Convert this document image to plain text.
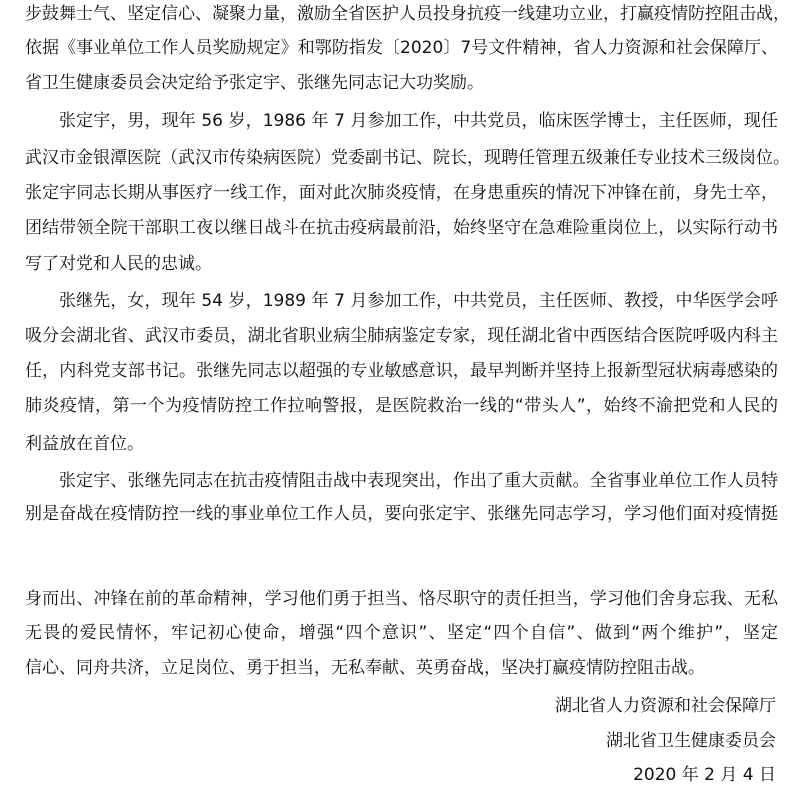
步鼓舞士气、坚定信心、凝聚力量，激励全省医护人员投身抗疫一线建功立业，打赢疫情防控阻击战，
依据《事业单位工作人员奖励规定》和鄂防指发〔2020〕7号文件精神，省人力资源和社会保障厅、
省卫生健康委员会决定给予张定宇、张继先同志记大功奖励。
张定宇，男，现年 56 岁，1986 年 7 月参加工作，中共党员，临床医学博士，主任医师，现任
武汉市金银潭医院（武汉市传染病医院）党委副书记、院长，现聘任管理五级兼任专业技术三级岗位。
张定宇同志长期从事医疗一线工作，面对此次肺炎疫情，在身患重疾的情况下冲锋在前，身先士卒，
团结带领全院干部职工夜以继日战斗在抗击疫病最前沿，始终坚守在急难险重岗位上，以实际行动书
写了对党和人民的忠诚。
张继先，女，现年 54 岁，1989 年 7 月参加工作，中共党员，主任医师、教授，中华医学会呼
吸分会湖北省、武汉市委员，湖北省职业病尘肺病鉴定专家，现任湖北省中西医结合医院呼吸内科主
任，内科党支部书记。张继先同志以超强的专业敏感意识，最早判断并坚持上报新型冠状病毒感染的
肺炎疫情，第一个为疫情防控工作拉响警报，是医院救治一线的“带头人”，始终不渝把党和人民的
利益放在首位。
张定宇、张继先同志在抗击疫情阻击战中表现突出，作出了重大贡献。全省事业单位工作人员特
别是奋战在疫情防控一线的事业单位工作人员，要向张定宇、张继先同志学习，学习他们面对疫情挺
身而出、冲锋在前的革命精神，学习他们勇于担当、恪尽职守的责任担当，学习他们舍身忘我、无私
无畏的爱民情怀，牢记初心使命，增强“四个意识”、坚定“四个自信”、做到“两个维护”，坚定
信心、同舟共济，立足岗位、勇于担当，无私奉献、英勇奋战，坚决打赢疫情防控阻击战。
湖北省人力资源和社会保障厅
湖北省卫生健康委员会
2020 年 2 月 4 日
